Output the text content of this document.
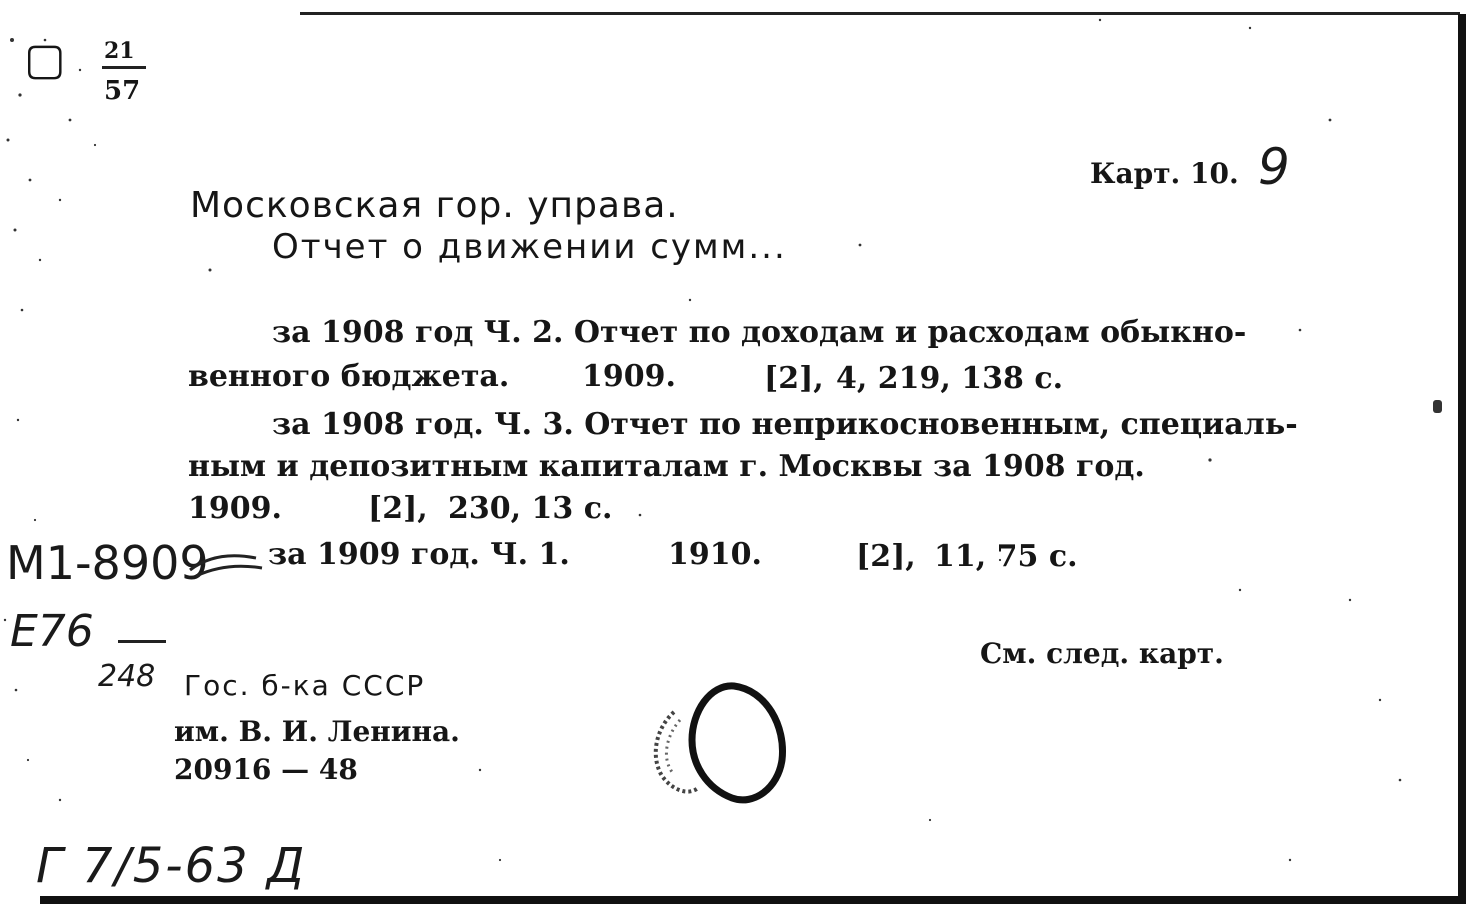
▢ 21
57
Карт. 10. 9
Московская гор. управа.
Отчет о движении сумм...
за 1908 год Ч. 2. Отчет по доходам и расходам обыкно-
венного бюджета. 1909.	[2], 4, 219, 138 с.
за 1908 год. Ч. 3. Отчет по неприкосновенным, специаль-
ным и депозитным капиталам г. Москвы за 1908 год.
1909.	[2], 230, 13 с.
за 1909 год. Ч. 1.	1910.	[2], 11, 75 с.
См. след. карт.
М1-8909
Е76
248 Гос. б-ка СССР
им. В. И. Ленина.
20916 — 48
Г 7/5-63 Д
